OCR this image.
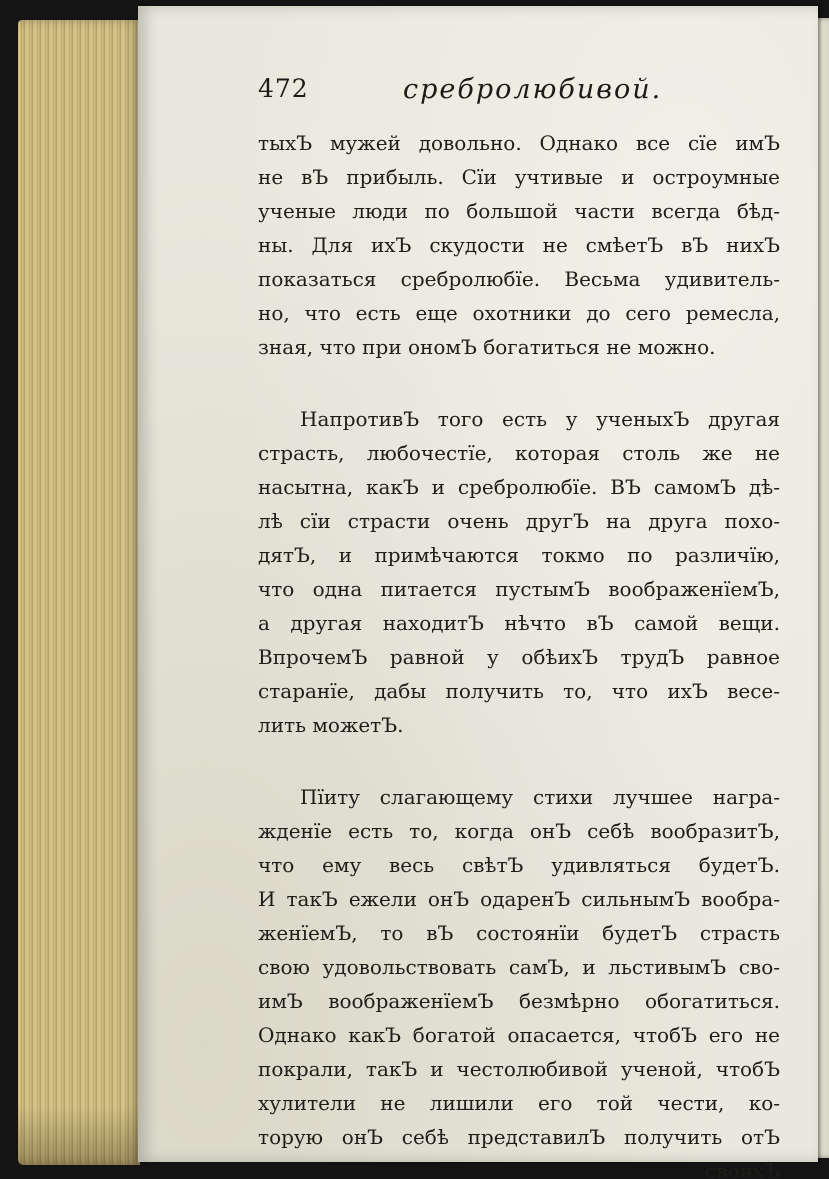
472	сребролюбивой.
тыхЪ мужей довольно. Однако все сїе имЪ
не вЪ прибыль. Сїи учтивые и остроумные
ученые люди по большой части всегда бѣд-
ны. Для ихЪ скудости не смѣетЪ вЪ нихЪ
показаться сребролюбїе. Весьма удивитель-
но, что есть еще охотники до сего ремесла,
зная, что при ономЪ богатиться не можно.
НапротивЪ того есть у ученыхЪ другая
страсть, любочестїе, которая столь же не
насытна, какЪ и сребролюбїе. ВЪ самомЪ дѣ-
лѣ сїи страсти очень другЪ на друга похо-
дятЪ, и примѣчаются токмо по различїю,
что одна питается пустымЪ воображенїемЪ,
а другая находитЪ нѣчто вЪ самой вещи.
ВпрочемЪ равной у обѣихЪ трудЪ равное
старанїе, дабы получить то, что ихЪ весе-
лить можетЪ.
Пїиту слагающему стихи лучшее награ-
жденїе есть то, когда онЪ себѣ вообразитЪ,
что ему весь свѣтЪ удивляться будетЪ.
И такЪ ежели онЪ одаренЪ сильнымЪ вообра-
женїемЪ, то вЪ состоянїи будетЪ страсть
свою удовольствовать самЪ, и льстивымЪ сво-
имЪ воображенїемЪ безмѣрно обогатиться.
Однако какЪ богатой опасается, чтобЪ его не
покрали, такЪ и честолюбивой ученой, чтобЪ
хулители не лишили его той чести, ко-
торую онЪ себѣ представилЪ получить отЪ
своихЪ
